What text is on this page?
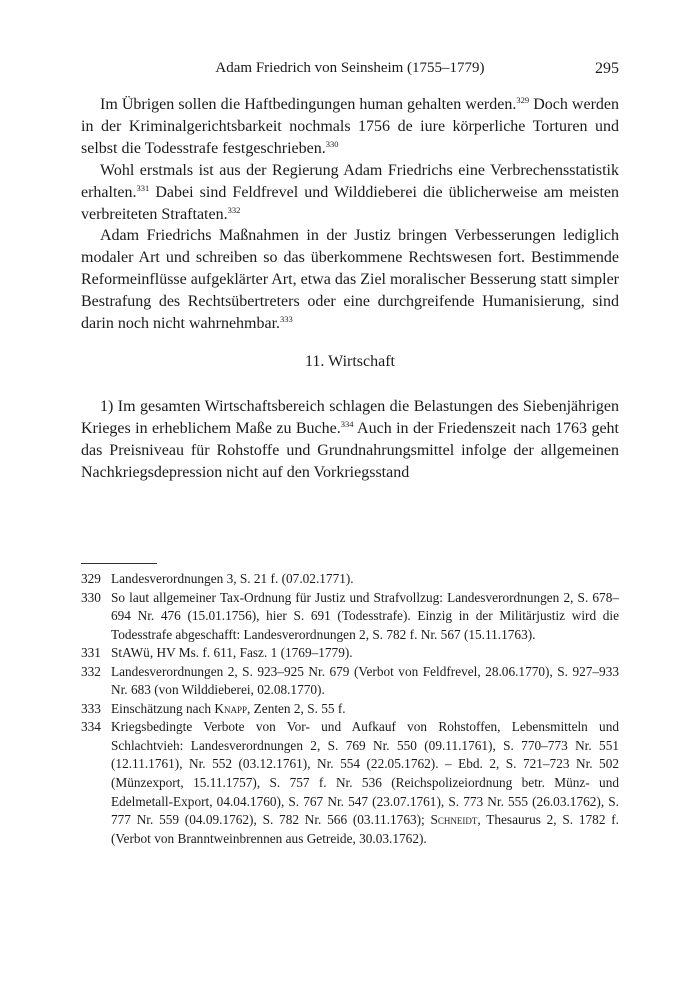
Adam Friedrich von Seinsheim (1755–1779)	295

Im Übrigen sollen die Haftbedingungen human gehalten werden.$^{329}$ Doch werden in der Kriminalgerichtsbarkeit nochmals 1756 de iure körperliche Torturen und selbst die Todesstrafe festgeschrieben.$^{330}$

Wohl erstmals ist aus der Regierung Adam Friedrichs eine Verbrechensstatistik erhalten.$^{331}$ Dabei sind Feldfrevel und Wilddieberei die üblicherweise am meisten verbreiteten Straftaten.$^{332}$

Adam Friedrichs Maßnahmen in der Justiz bringen Verbesserungen lediglich modaler Art und schreiben so das überkommene Rechtswesen fort. Bestimmende Reformeinflüsse aufgeklärter Art, etwa das Ziel moralischer Besserung statt simpler Bestrafung des Rechtsübertreters oder eine durchgreifende Humanisierung, sind darin noch nicht wahrnehmbar.$^{333}$

11. Wirtschaft

1) Im gesamten Wirtschaftsbereich schlagen die Belastungen des Siebenjährigen Krieges in erheblichem Maße zu Buche.$^{334}$ Auch in der Friedenszeit nach 1763 geht das Preisniveau für Rohstoffe und Grundnahrungsmittel infolge der allgemeinen Nachkriegsdepression nicht auf den Vorkriegsstand

329 Landesverordnungen 3, S. 21 f. (07.02.1771).
330 So laut allgemeiner Tax-Ordnung für Justiz und Strafvollzug: Landesverordnungen 2, S. 678–694 Nr. 476 (15.01.1756), hier S. 691 (Todesstrafe). Einzig in der Militärjustiz wird die Todesstrafe abgeschafft: Landesverordnungen 2, S. 782 f. Nr. 567 (15.11.1763).
331 StAWü, HV Ms. f. 611, Fasz. 1 (1769–1779).
332 Landesverordnungen 2, S. 923–925 Nr. 679 (Verbot von Feldfrevel, 28.06.1770), S. 927–933 Nr. 683 (von Wilddieberei, 02.08.1770).
333 Einschätzung nach Knapp, Zenten 2, S. 55 f.
334 Kriegsbedingte Verbote von Vor- und Aufkauf von Rohstoffen, Lebensmitteln und Schlachtvieh: Landesverordnungen 2, S. 769 Nr. 550 (09.11.1761), S. 770–773 Nr. 551 (12.11.1761), Nr. 552 (03.12.1761), Nr. 554 (22.05.1762). – Ebd. 2, S. 721–723 Nr. 502 (Münzexport, 15.11.1757), S. 757 f. Nr. 536 (Reichspolizeiordnung betr. Münz- und Edelmetall-Export, 04.04.1760), S. 767 Nr. 547 (23.07.1761), S. 773 Nr. 555 (26.03.1762), S. 777 Nr. 559 (04.09.1762), S. 782 Nr. 566 (03.11.1763); Schneidt, Thesaurus 2, S. 1782 f. (Verbot von Branntweinbrennen aus Getreide, 30.03.1762).
